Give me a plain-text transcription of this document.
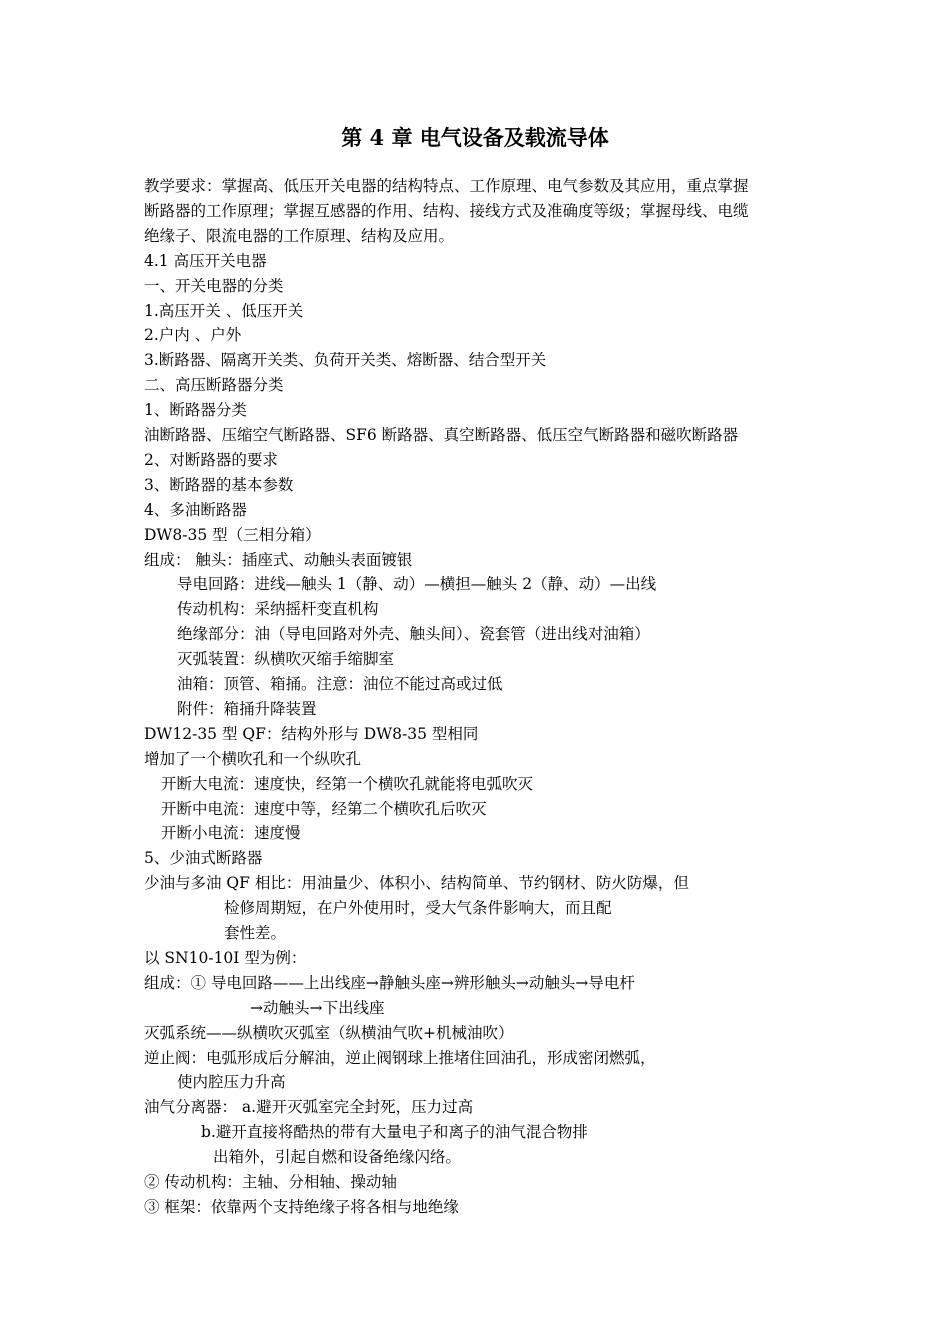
第 4 章 电气设备及载流导体
教学要求：掌握高、低压开关电器的结构特点、工作原理、电气参数及其应用，重点掌握
断路器的工作原理；掌握互感器的作用、结构、接线方式及准确度等级；掌握母线、电缆
绝缘子、限流电器的工作原理、结构及应用。
4.1 高压开关电器
一、开关电器的分类
1.高压开关 、低压开关
2.户内 、户外
3.断路器、隔离开关类、负荷开关类、熔断器、结合型开关
二、高压断路器分类
1、断路器分类
油断路器、压缩空气断路器、SF6 断路器、真空断路器、低压空气断路器和磁吹断路器
2、对断路器的要求
3、断路器的基本参数
4、多油断路器
DW8-35 型（三相分箱）
组成： 触头：插座式、动触头表面镀银
导电回路：进线—触头 1（静、动）—横担—触头 2（静、动）—出线
传动机构：采纳摇杆变直机构
绝缘部分：油（导电回路对外壳、触头间）、瓷套管（进出线对油箱）
灭弧装置：纵横吹灭缩手缩脚室
油箱：顶管、箱捅。注意：油位不能过高或过低
附件：箱捅升降装置
DW12-35 型 QF：结构外形与 DW8-35 型相同
增加了一个横吹孔和一个纵吹孔
开断大电流：速度快，经第一个横吹孔就能将电弧吹灭
开断中电流：速度中等，经第二个横吹孔后吹灭
开断小电流：速度慢
5、少油式断路器
少油与多油 QF 相比：用油量少、体积小、结构简单、节约钢材、防火防爆，但
检修周期短，在户外使用时，受大气条件影响大，而且配
套性差。
以 SN10-10I 型为例：
组成：① 导电回路——上出线座→静触头座→辨形触头→动触头→导电杆
→动触头→下出线座
灭弧系统——纵横吹灭弧室（纵横油气吹+机械油吹）
逆止阀：电弧形成后分解油，逆止阀钢球上推堵住回油孔，形成密闭燃弧，
使内腔压力升高
油气分离器： a.避开灭弧室完全封死，压力过高
b.避开直接将酷热的带有大量电子和离子的油气混合物排
出箱外，引起自燃和设备绝缘闪络。
② 传动机构：主轴、分相轴、操动轴
③ 框架：依靠两个支持绝缘子将各相与地绝缘
